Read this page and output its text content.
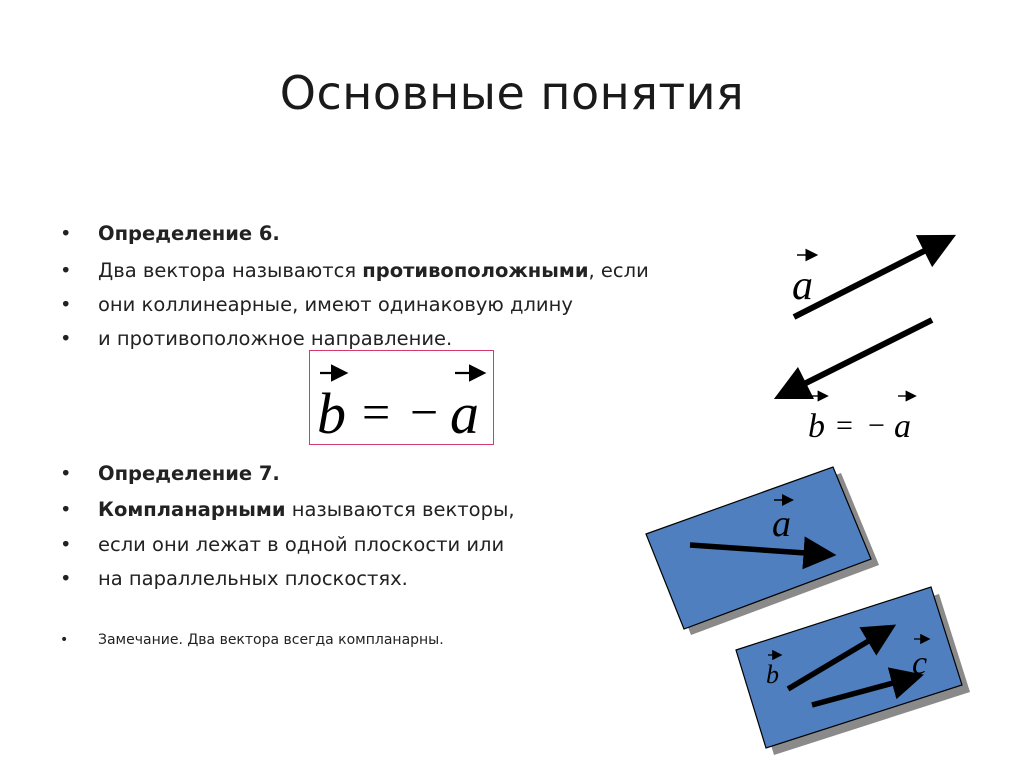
Основные понятия
• Определение 6.
• Два вектора называются противоположными, если
• они коллинеарные, имеют одинаковую длину
• и противоположное направление.
• Определение 7.
• Компланарными называются векторы,
• если они лежат в одной плоскости или
• на параллельных плоскостях.
• Замечание. Два вектора всегда компланарны.
b = − a
a
b = − a
a
b	c
